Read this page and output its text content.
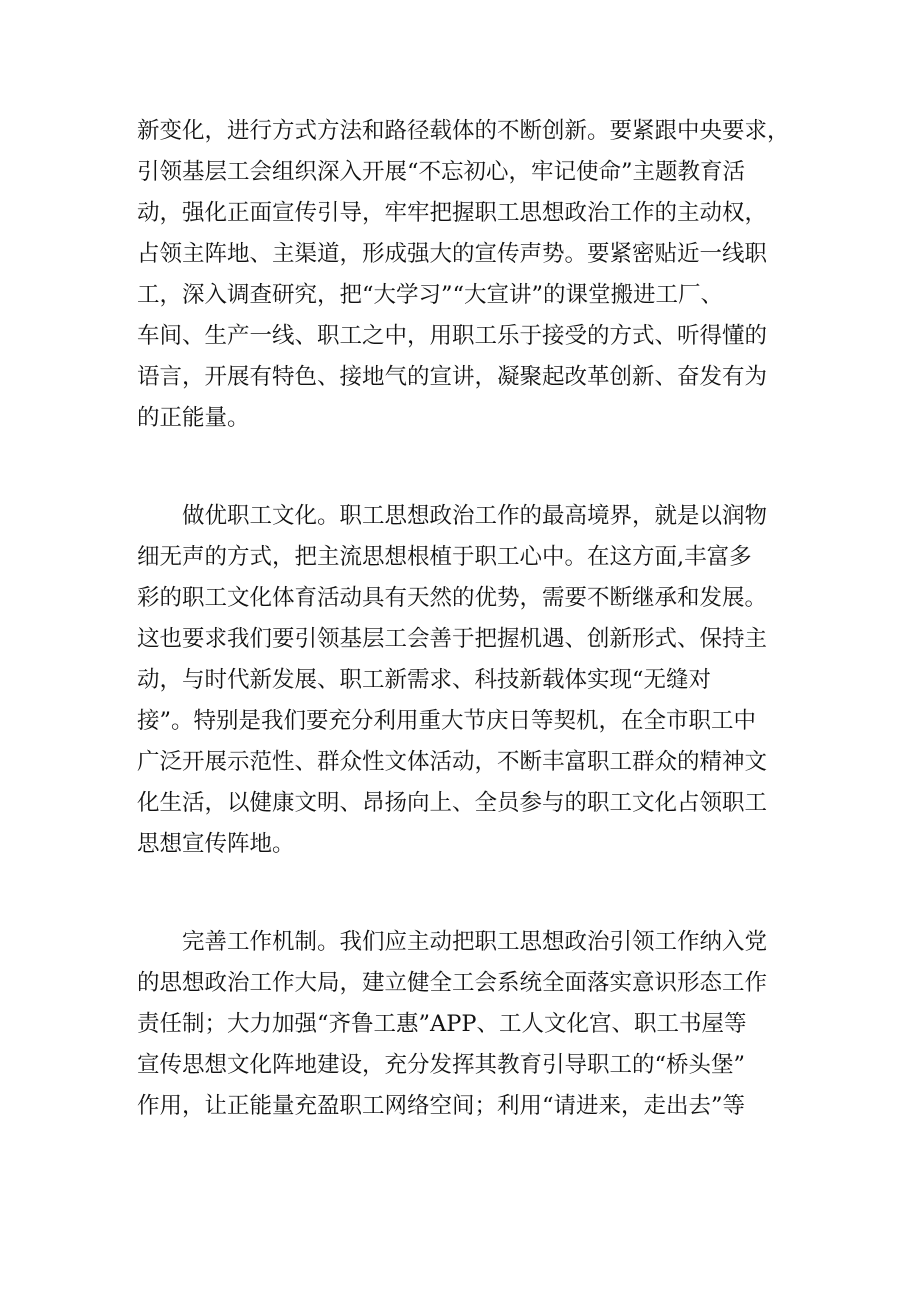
新变化，进行方式方法和路径载体的不断创新。要紧跟中央要求，
引领基层工会组织深入开展“不忘初心，牢记使命”主题教育活
动，强化正面宣传引导，牢牢把握职工思想政治工作的主动权，
占领主阵地、主渠道，形成强大的宣传声势。要紧密贴近一线职
工，深入调查研究，把“大学习”“大宣讲”的课堂搬进工厂、
车间、生产一线、职工之中，用职工乐于接受的方式、听得懂的
语言，开展有特色、接地气的宣讲，凝聚起改革创新、奋发有为
的正能量。
　　做优职工文化。职工思想政治工作的最高境界，就是以润物
细无声的方式，把主流思想根植于职工心中。在这方面,丰富多
彩的职工文化体育活动具有天然的优势，需要不断继承和发展。
这也要求我们要引领基层工会善于把握机遇、创新形式、保持主
动，与时代新发展、职工新需求、科技新载体实现“无缝对
接”。特别是我们要充分利用重大节庆日等契机，在全市职工中
广泛开展示范性、群众性文体活动，不断丰富职工群众的精神文
化生活，以健康文明、昂扬向上、全员参与的职工文化占领职工
思想宣传阵地。
　　完善工作机制。我们应主动把职工思想政治引领工作纳入党
的思想政治工作大局，建立健全工会系统全面落实意识形态工作
责任制；大力加强“齐鲁工惠”APP、工人文化宫、职工书屋等
宣传思想文化阵地建设，充分发挥其教育引导职工的“桥头堡”
作用，让正能量充盈职工网络空间；利用“请进来，走出去”等
